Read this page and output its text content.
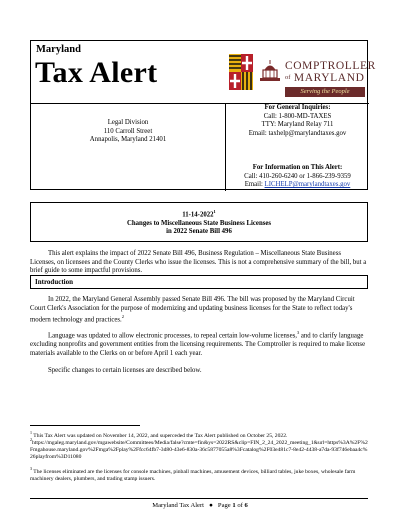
Maryland
Tax Alert	COMPTROLLER
of MARYLAND
Serving the People
Legal Division
110 Carroll Street
Annapolis, Maryland 21401
For General Inquiries:
Call: 1-800-MD-TAXES
TTY: Maryland Relay 711
Email: taxhelp@marylandtaxes.gov
For Information on This Alert:
Call: 410-260-6240 or 1-866-239-9359
Email: LICHELP@marylandtaxes.gov
11-14-2022$^1$
Changes to Miscellaneous State Business Licenses
in 2022 Senate Bill 496
This alert explains the impact of 2022 Senate Bill 496, Business Regulation – Miscellaneous State Business Licenses, on licensees and the County Clerks who issue the licenses. This is not a comprehensive summary of the bill, but a brief guide to some impactful provisions.
Introduction
In 2022, the Maryland General Assembly passed Senate Bill 496. The bill was proposed by the Maryland Circuit Court Clerk's Association for the purpose of modernizing and updating business licenses for the State to reflect today's modern technology and practices.$^2$
Language was updated to allow electronic processes, to repeal certain low-volume licenses,$^3$ and to clarify language excluding nonprofits and government entities from the licensing requirements. The Comptroller is required to make license materials available to the Clerks on or before April 1 each year.
Specific changes to certain licenses are described below.
$^1$ This Tax Alert was updated on November 14, 2022, and superceded the Tax Alert published on October 25, 2022.
$^2$https://mgaleg.maryland.gov/mgawebsite/Committees/Media/false?cmte=fin&ys=2022RS&clip=FIN_2_24_2022_meeting_1&url=https%3A%2F%2Fmgahouse.maryland.gov%2Fmga%2Fplay%2Ffcc64fb7-3d80-43e6-830a-36c5877055a8%3Fcatalog%2F03e481c7-8e42-4438-a7da-93f746ebaa4c%26playfrom%3D11080
$^3$ The licenses eliminated are the licenses for console machines, pinball machines, amusement devices, billiard tables, juke boxes, wholesale farm machinery dealers, plumbers, and trading stamp issuers.
Maryland Tax Alert ● Page 1 of 6
